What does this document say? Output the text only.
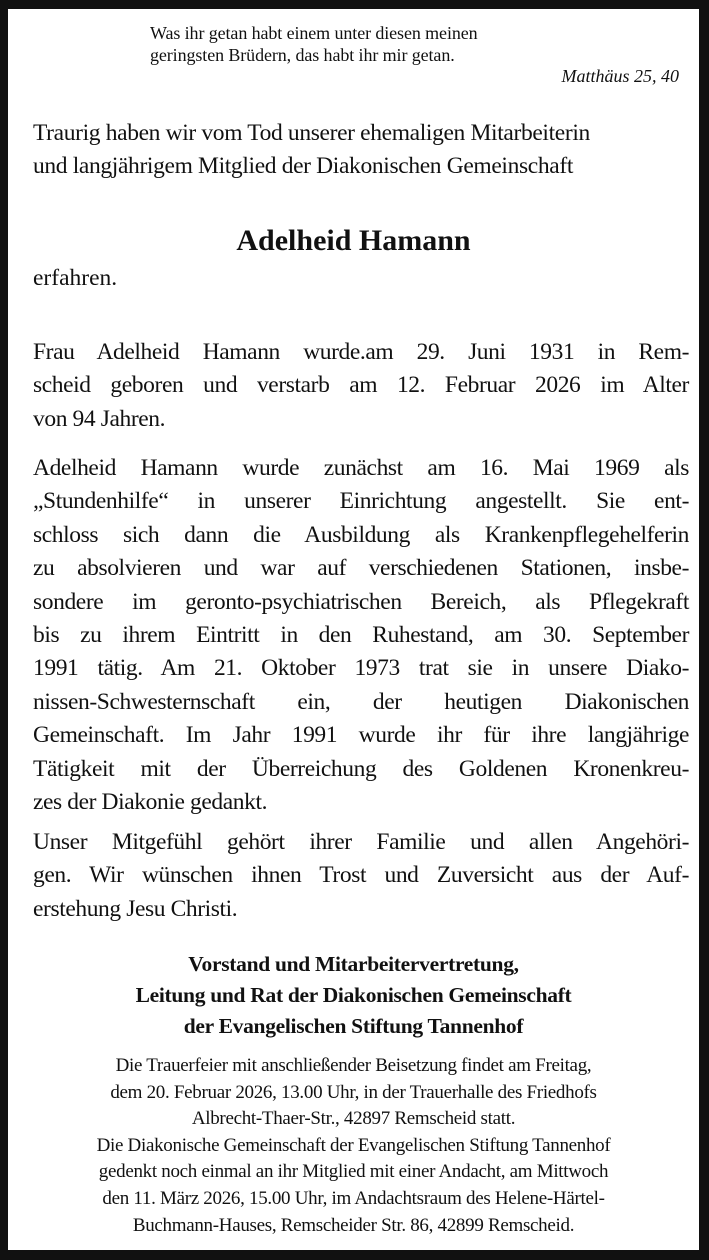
Was ihr getan habt einem unter diesen meinen
geringsten Brüdern, das habt ihr mir getan.
Matthäus 25, 40
Traurig haben wir vom Tod unserer ehemaligen Mitarbeiterin
und langjährigem Mitglied der Diakonischen Gemeinschaft
Adelheid Hamann
erfahren.
Frau Adelheid Hamann wurde.am 29. Juni 1931 in Rem-
scheid geboren und verstarb am 12. Februar 2026 im Alter
von 94 Jahren.
Adelheid Hamann wurde zunächst am 16. Mai 1969 als
„Stundenhilfe“ in unserer Einrichtung angestellt. Sie ent-
schloss sich dann die Ausbildung als Krankenpflegehelferin
zu absolvieren und war auf verschiedenen Stationen, insbe-
sondere im geronto-psychiatrischen Bereich, als Pflegekraft
bis zu ihrem Eintritt in den Ruhestand, am 30. September
1991 tätig. Am 21. Oktober 1973 trat sie in unsere Diako-
nissen-Schwesternschaft ein, der heutigen Diakonischen
Gemeinschaft. Im Jahr 1991 wurde ihr für ihre langjährige
Tätigkeit mit der Überreichung des Goldenen Kronenkreu-
zes der Diakonie gedankt.
Unser Mitgefühl gehört ihrer Familie und allen Angehöri-
gen. Wir wünschen ihnen Trost und Zuversicht aus der Auf-
erstehung Jesu Christi.
Vorstand und Mitarbeitervertretung,
Leitung und Rat der Diakonischen Gemeinschaft
der Evangelischen Stiftung Tannenhof
Die Trauerfeier mit anschließender Beisetzung findet am Freitag,
dem 20. Februar 2026, 13.00 Uhr, in der Trauerhalle des Friedhofs
Albrecht-Thaer-Str., 42897 Remscheid statt.
Die Diakonische Gemeinschaft der Evangelischen Stiftung Tannenhof
gedenkt noch einmal an ihr Mitglied mit einer Andacht, am Mittwoch
den 11. März 2026, 15.00 Uhr, im Andachtsraum des Helene-Härtel-
Buchmann-Hauses, Remscheider Str. 86, 42899 Remscheid.
